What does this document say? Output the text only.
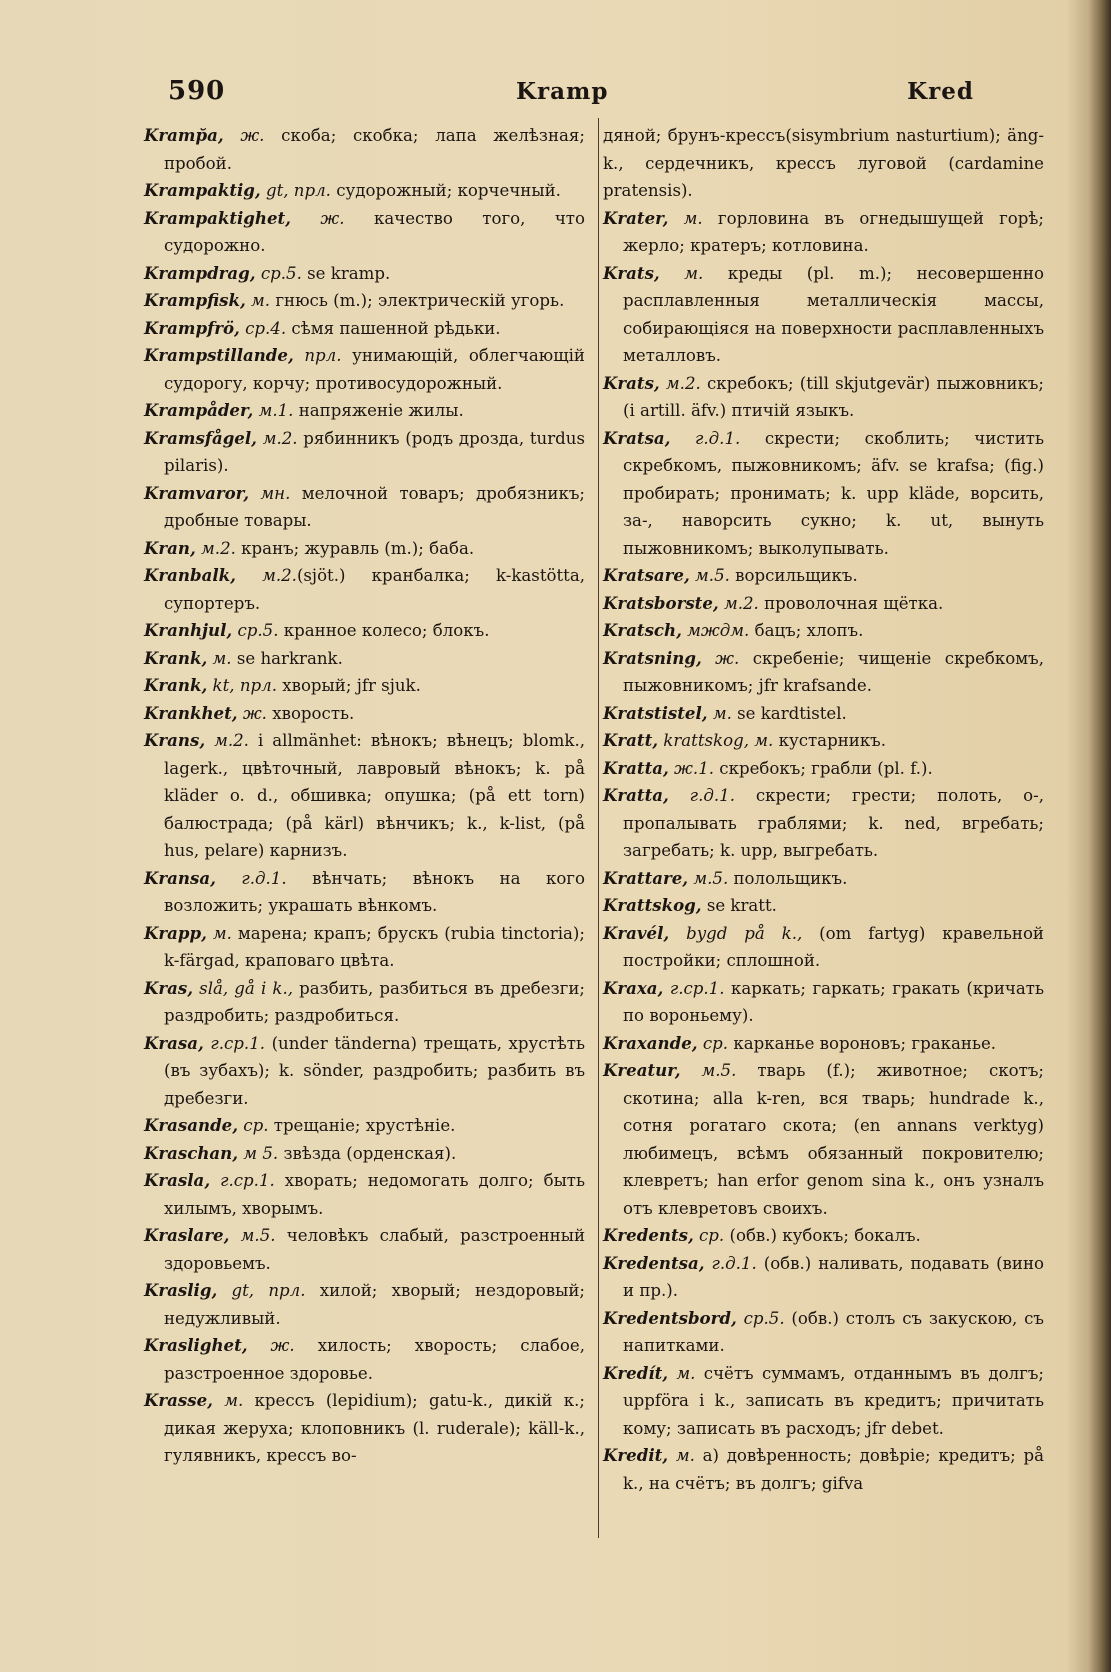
590	Kramp	Kred

Kramp̆a, ж. скоба; скобка; лапа желѣзная; пробой.

Krampaktig, gt, прл. судорожный; корчечный.

Krampaktighet, ж. качество того, что судорожно.

Krampdrag, ср.5. se kramp.

Krampfisk, м. гнюсь (m.); электрическій угорь.

Krampfrö, ср.4. сѣмя пашенной рѣдьки.

Krampstillande, прл. унимающій, облегчающій судорогу, корчу; противосудорожный.

Krampåder, м.1. напряженіе жилы.

Kramsfågel, м.2. рябинникъ (родъ дрозда, turdus pilaris).

Kramvaror, мн. мелочной товаръ; дробязникъ; дробные товары.

Kran, м.2. кранъ; журавль (m.); баба.

Kranbalk, м.2.(sjöt.) кранбалка; k-kastötta, супортеръ.

Kranhjul, ср.5. кранное колесо; блокъ.

Krank, м. se harkrank.

Krank, kt, прл. хворый; jfr sjuk.

Krankhet, ж. хворость.

Krans, м.2. i allmänhet: вѣнокъ; вѣнецъ; blomk., lagerk., цвѣточный, лавровый вѣнокъ; k. på kläder o. d., обшивка; опушка; (på ett torn) балюстрада; (på kärl) вѣнчикъ; k., k-list, (på hus, pelare) карнизъ.

Kransa, г.д.1. вѣнчать; вѣнокъ на кого возложить; украшать вѣнкомъ.

Krapp, м. марена; крапъ; брускъ (rubia tinctoria); k-färgad, краповаго цвѣта.

Kras, slå, gå i k., разбить, разбиться въ дребезги; раздробить; раздробиться.

Krasa, г.ср.1. (under tänderna) трещать, хрустѣть (въ зубахъ); k. sönder, раздробить; разбить въ дребезги.

Krasande, ср. трещаніе; хрустѣніе.

Kraschan, м 5. звѣзда (орденская).

Krasla, г.ср.1. хворать; недомогать долго; быть хилымъ, хворымъ.

Kraslare, м.5. человѣкъ слабый, разстроенный здоровьемъ.

Kraslig, gt, прл. хилой; хворый; нездоровый; недужливый.

Kraslighet, ж. хилость; хворость; слабое, разстроенное здоровье.

Krasse, м. крессъ (lepidium); gatu-k., дикій к.; дикая жеруха; клоповникъ (l. ruderale); käll-k., гулявникъ, крессъ во-

дяной; брунъ-крессъ(sisymbrium nasturtium); äng-k., сердечникъ, крессъ луговой (cardamine pratensis).

Krater, м. горловина въ огнедышущей горѣ; жерло; кратеръ; котловина.

Krats, м. креды (pl. m.); несовершенно расплавленныя металлическія массы, собирающіяся на поверхности расплавленныхъ металловъ.

Krats, м.2. скребокъ; (till skjutgevär) пыжовникъ; (i artill. äfv.) птичій языкъ.

Kratsa, г.д.1. скрести; скоблить; чистить скребкомъ, пыжовникомъ; äfv. se krafsa; (fig.) пробирать; пронимать; k. upp kläde, ворсить, за-, наворсить сукно; k. ut, вынуть пыжовникомъ; выколупывать.

Kratsare, м.5. ворсильщикъ.

Kratsborste, м.2. проволочная щётка.

Kratsch, мждм. бацъ; хлопъ.

Kratsning, ж. скребеніе; чищеніе скребкомъ, пыжовникомъ; jfr krafsande.

Kratstistel, м. se kardtistel.

Kratt, krattskog, м. кустарникъ.

Kratta, ж.1. скребокъ; грабли (pl. f.).

Kratta, г.д.1. скрести; грести; полоть, о-, пропалывать граблями; k. ned, вгребать; загребать; k. upp, выгребать.

Krattare, м.5. полольщикъ.

Krattskog, se kratt.

Kravél, bygd på k., (om fartyg) кравельной постройки; сплошной.

Kraxa, г.ср.1. каркать; гаркать; гракать (кричать по вороньему).

Kraxande, ср. карканье вороновъ; граканье.

Kreatur, м.5. тварь (f.); животное; скотъ; скотина; alla k-ren, вся тварь; hundrade k., сотня рогатаго скота; (en annans verktyg) любимецъ, всѣмъ обязанный покровителю; клевретъ; han erfor genom sina k., онъ узналъ отъ клевретовъ своихъ.

Kredents, ср. (обв.) кубокъ; бокалъ.

Kredentsa, г.д.1. (обв.) наливать, подавать (вино и пр.).

Kredentsbord, ср.5. (обв.) столъ съ закускою, съ напитками.

Kredít, м. счётъ суммамъ, отданнымъ въ долгъ; uppföra i k., записать въ кредитъ; причитать кому; записать въ расходъ; jfr debet.

Kredit, м. а) довѣренность; довѣріе; кредитъ; på k., на счётъ; въ долгъ; gifva
